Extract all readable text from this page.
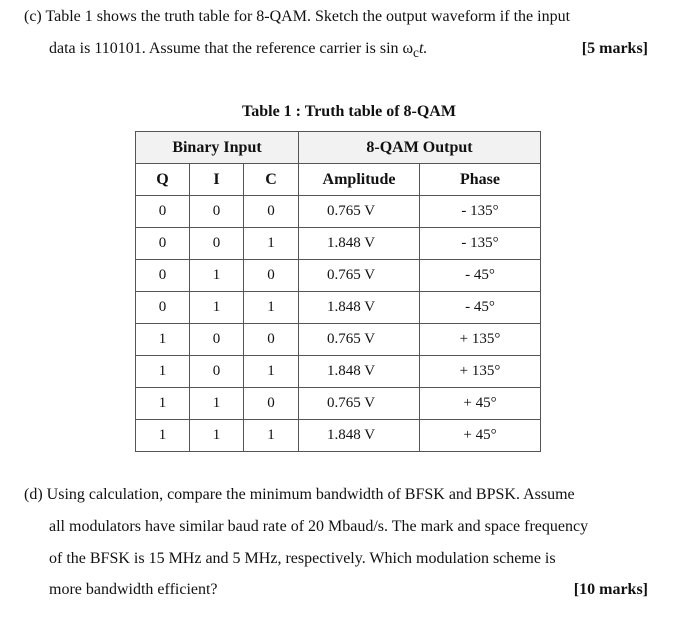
(c) Table 1 shows the truth table for 8-QAM. Sketch the output waveform if the input
data is 110101. Assume that the reference carrier is $\sin \omega_ct$.	[5 marks]
Table 1 : Truth table of 8-QAM
Binary Input			8-QAM Output	
Q	I	C	Amplitude	Phase
0	0	0	0.765 V	- 135°
0	0	1	1.848 V	- 135°
0	1	0	0.765 V	- 45°
0	1	1	1.848 V	- 45°
1	0	0	0.765 V	+ 135°
1	0	1	1.848 V	+ 135°
1	1	0	0.765 V	+ 45°
1	1	1	1.848 V	+ 45°
(d) Using calculation, compare the minimum bandwidth of BFSK and BPSK. Assume
all modulators have similar baud rate of 20 Mbaud/s. The mark and space frequency
of the BFSK is 15 MHz and 5 MHz, respectively. Which modulation scheme is
more bandwidth efficient?	[10 marks]
